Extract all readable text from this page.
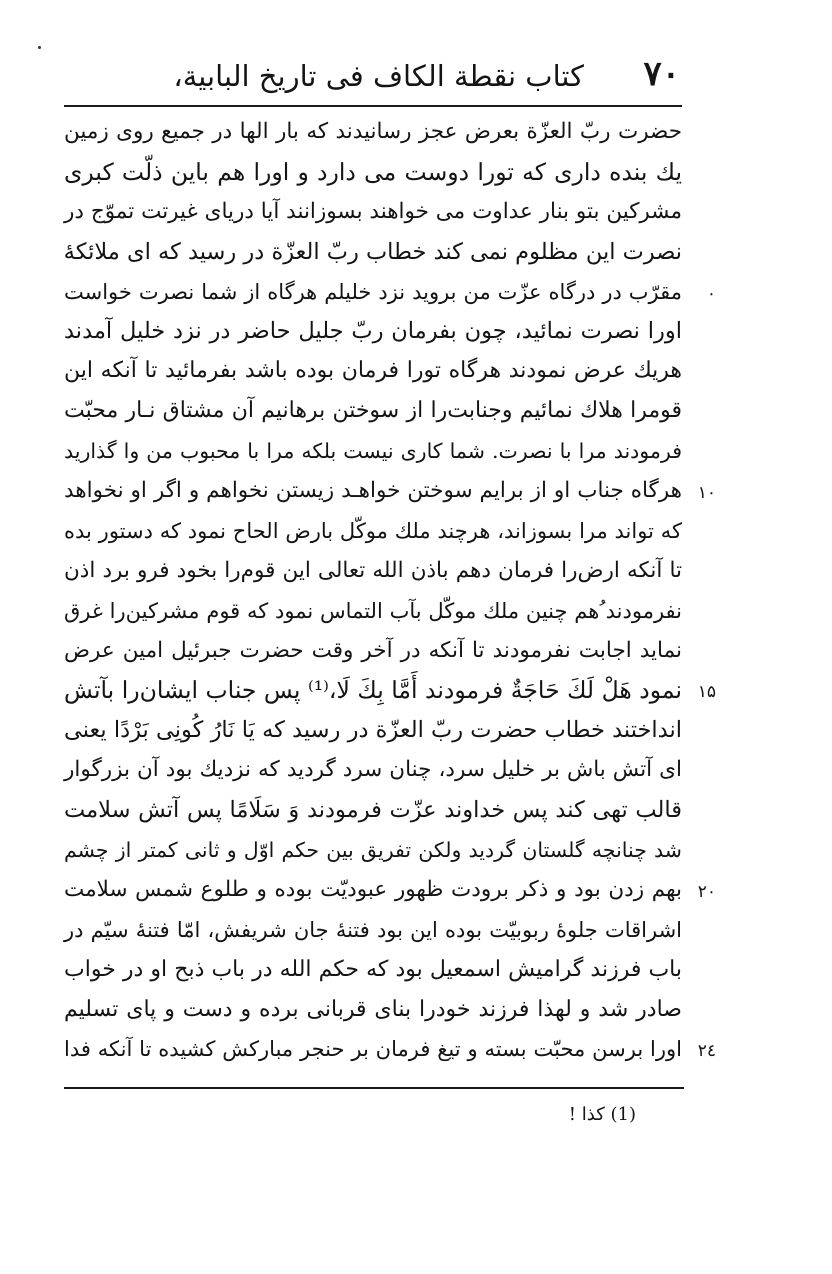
۷۰
کتاب نقطة الکاف فی تاریخ البابیة،
حضرت ربّ العزّة بعرض عجز رسانیدند که بار الها در جمیع روی زمین
یك بنده داری که تورا دوست می دارد و اورا هم باین ذلّت کبری
مشرکین بتو بنار عداوت می خواهند بسوزانند آیا دریای غیرتت تموّج در
نصرت این مظلوم نمی کند خطاب ربّ العزّة در رسید که ای ملائکهٔ
مقرّب در درگاه عزّت من بروید نزد خلیلم هرگاه از شما نصرت خواست	۰
اورا نصرت نمائید، چون بفرمان ربّ جلیل حاضر در نزد خلیل آمدند
هریك عرض نمودند هرگاه تورا فرمان بوده باشد بفرمائید تا آنکه این
قومرا هلاك نمائیم وجنابت‌را از سوختن برهانیم آن مشتاق نـار محبّت
فرمودند مرا با نصرت. شما کاری نیست بلکه مرا با محبوب من وا گذارید
هرگاه جناب او از برایم سوختن خواهـد زیستن نخواهم و اگر او نخواهد ۱۰
که تواند مرا بسوزاند، هرچند ملك موکّل بارض الحاح نمود که دستور بده
تا آنکه ارض‌را فرمان دهم باذن الله تعالی این قوم‌را بخود فرو برد اذن
نفرمودند ُهم چنین ملك موکّل بآب التماس نمود که قوم مشرکین‌را غرق
نماید اجابت نفرمودند تا آنکه در آخر وقت حضرت جبرئیل امین عرض
نمود هَلْ لَكَ حَاجَةٌ فرمودند أَمَّا بِكَ لَا،⁽¹⁾ پس جناب ایشان‌را بآتش ۱۵
انداختند خطاب حضرت ربّ العزّة در رسید که یَا نَارُ کُونِی بَرْدًا یعنی
ای آتش باش بر خلیل سرد، چنان سرد گردید که نزدیك بود آن بزرگوار
قالب تهی کند پس خداوند عزّت فرمودند وَ سَلَامًا پس آتش سلامت
شد چنانچه گلستان گردید ولکن تفریق بین حکم اوّل و ثانی کمتر از چشم
بهم زدن بود و ذکر برودت ظهور عبودیّت بوده و طلوع شمس سلامت ۲۰
اشراقات جلوهٔ ربوبیّت بوده این بود فتنهٔ جان شریفش، امّا فتنهٔ سیّم در
باب فرزند گرامیش اسمعیل بود که حکم الله در باب ذبح او در خواب
صادر شد و لهذا فرزند خودرا بنای قربانی برده و دست و پای تسلیم
اورا برسن محبّت بسته و تیغ فرمان بر حنجر مبارکش کشیده تا آنکه فدا ۲٤
(1) کذا !
